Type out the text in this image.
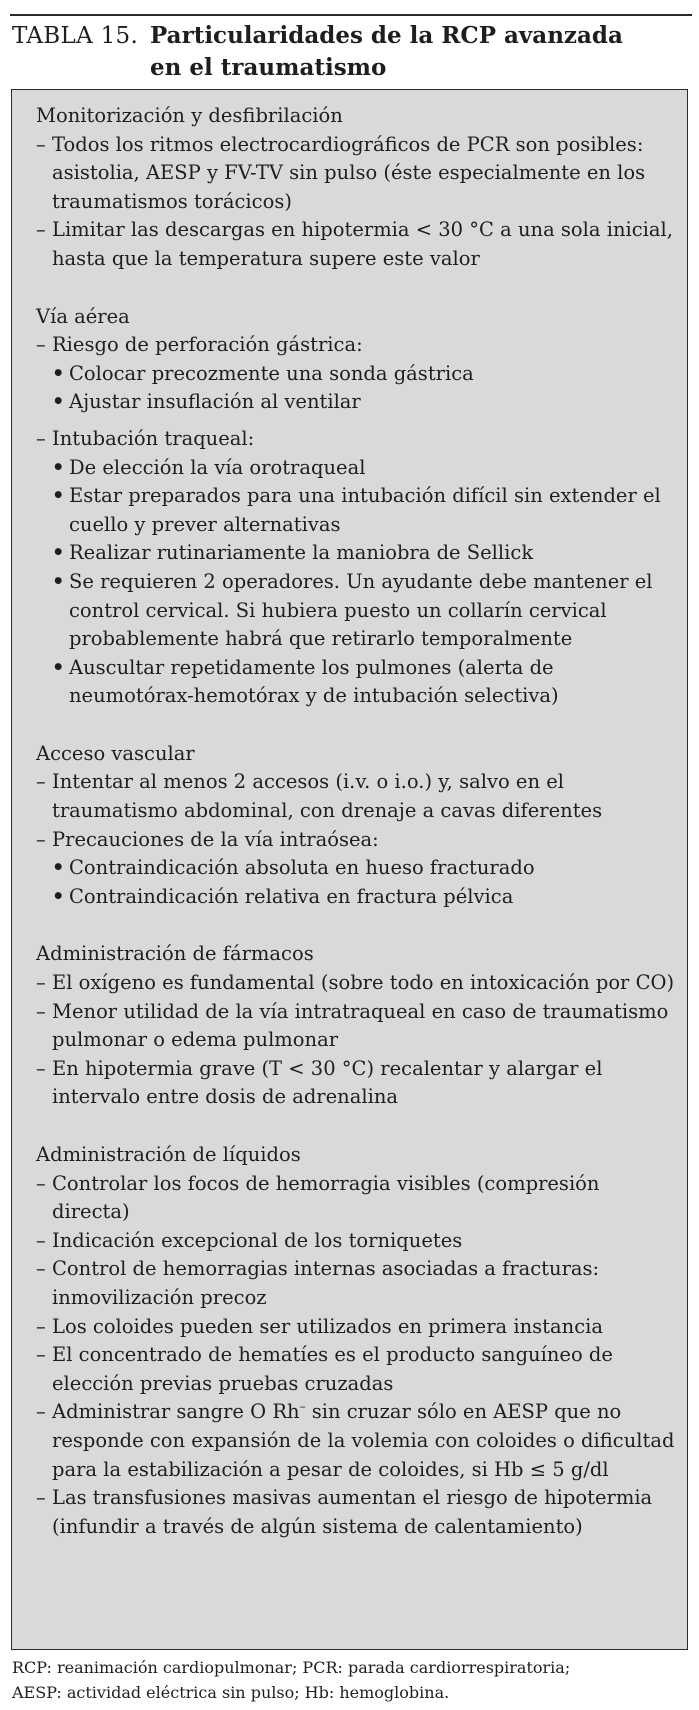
TABLA 15. Particularidades de la RCP avanzada
en el traumatismo
Monitorización y desfibrilación
– Todos los ritmos electrocardiográficos de PCR son posibles: asistolia, AESP y FV-TV sin pulso (éste especialmente en los traumatismos torácicos)
– Limitar las descargas en hipotermia < 30 °C a una sola inicial, hasta que la temperatura supere este valor
Vía aérea
– Riesgo de perforación gástrica:
• Colocar precozmente una sonda gástrica
• Ajustar insuflación al ventilar
– Intubación traqueal:
• De elección la vía orotraqueal
• Estar preparados para una intubación difícil sin extender el cuello y prever alternativas
• Realizar rutinariamente la maniobra de Sellick
• Se requieren 2 operadores. Un ayudante debe mantener el control cervical. Si hubiera puesto un collarín cervical probablemente habrá que retirarlo temporalmente
• Auscultar repetidamente los pulmones (alerta de neumotórax-hemotórax y de intubación selectiva)
Acceso vascular
– Intentar al menos 2 accesos (i.v. o i.o.) y, salvo en el traumatismo abdominal, con drenaje a cavas diferentes
– Precauciones de la vía intraósea:
• Contraindicación absoluta en hueso fracturado
• Contraindicación relativa en fractura pélvica
Administración de fármacos
– El oxígeno es fundamental (sobre todo en intoxicación por CO)
– Menor utilidad de la vía intratraqueal en caso de traumatismo pulmonar o edema pulmonar
– En hipotermia grave (T < 30 °C) recalentar y alargar el intervalo entre dosis de adrenalina
Administración de líquidos
– Controlar los focos de hemorragia visibles (compresión directa)
– Indicación excepcional de los torniquetes
– Control de hemorragias internas asociadas a fracturas: inmovilización precoz
– Los coloides pueden ser utilizados en primera instancia
– El concentrado de hematíes es el producto sanguíneo de elección previas pruebas cruzadas
– Administrar sangre O Rh– sin cruzar sólo en AESP que no responde con expansión de la volemia con coloides o dificultad para la estabilización a pesar de coloides, si Hb ≤ 5 g/dl
– Las transfusiones masivas aumentan el riesgo de hipotermia (infundir a través de algún sistema de calentamiento)
RCP: reanimación cardiopulmonar; PCR: parada cardiorrespiratoria;
AESP: actividad eléctrica sin pulso; Hb: hemoglobina.
